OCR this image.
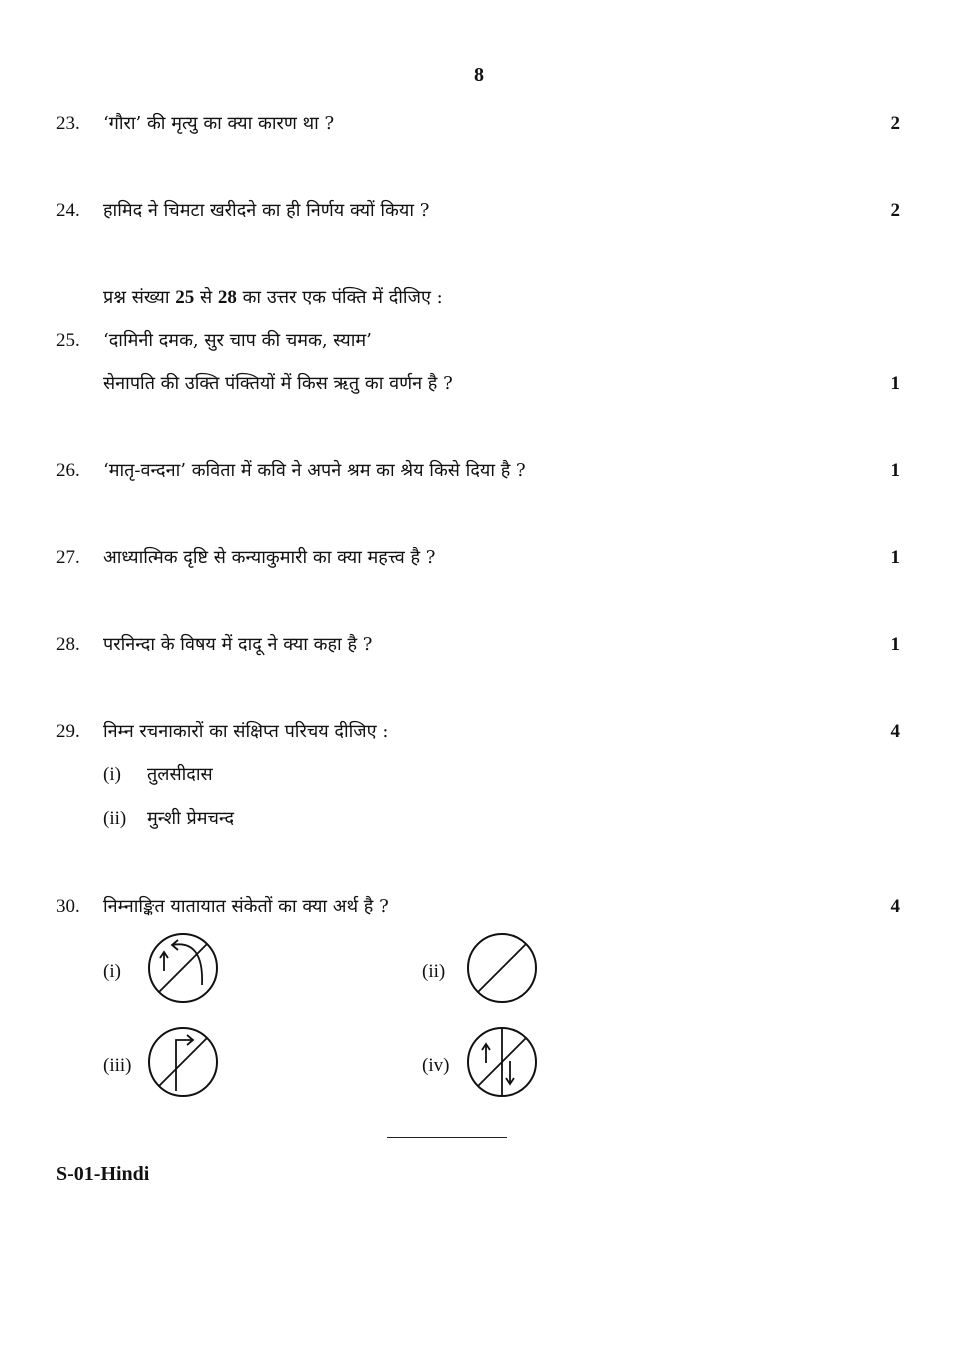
8
23. ‘गौरा’ की मृत्यु का क्या कारण था ?	2
24. हामिद ने चिमटा खरीदने का ही निर्णय क्यों किया ?	2
प्रश्न संख्या 25 से 28 का उत्तर एक पंक्ति में दीजिए :
25. ‘दामिनी दमक, सुर चाप की चमक, स्याम’
सेनापति की उक्ति पंक्तियों में किस ऋतु का वर्णन है ?	1
26. ‘मातृ-वन्दना’ कविता में कवि ने अपने श्रम का श्रेय किसे दिया है ?	1
27. आध्यात्मिक दृष्टि से कन्याकुमारी का क्या महत्त्व है ?	1
28. परनिन्दा के विषय में दादू ने क्या कहा है ?	1
29. निम्न रचनाकारों का संक्षिप्त परिचय दीजिए :	4
(i) तुलसीदास
(ii) मुन्शी प्रेमचन्द
30. निम्नाङ्कित यातायात संकेतों का क्या अर्थ है ?	4
(i)	(ii)
(iii)	(iv)
S-01-Hindi
